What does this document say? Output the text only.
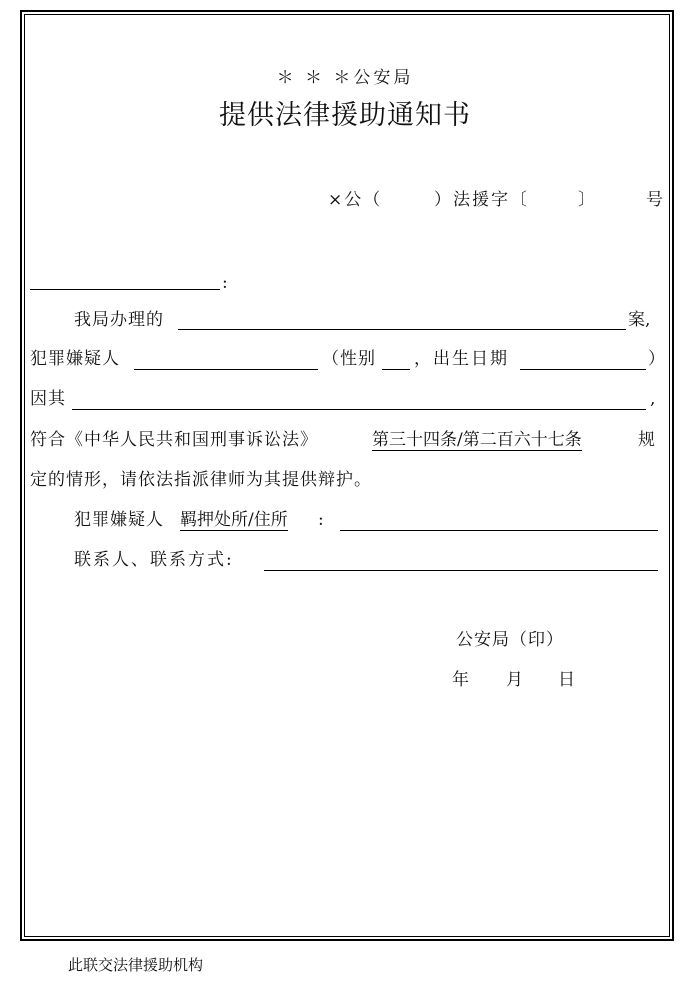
＊ ＊ ＊公安局
提供法律援助通知书
×公（	）法援字〔	〕	号
:
我局办理的	案,
犯罪嫌疑人	（性别 ，出生日期	）
因其	,
符合《中华人民共和国刑事诉讼法》	第三十四条/第二百六十七条	规
定的情形，请依法指派律师为其提供辩护。
犯罪嫌疑人 羁押处所/住所 :
联系人、联系方式:
公安局（印）
年 月 日
此联交法律援助机构
